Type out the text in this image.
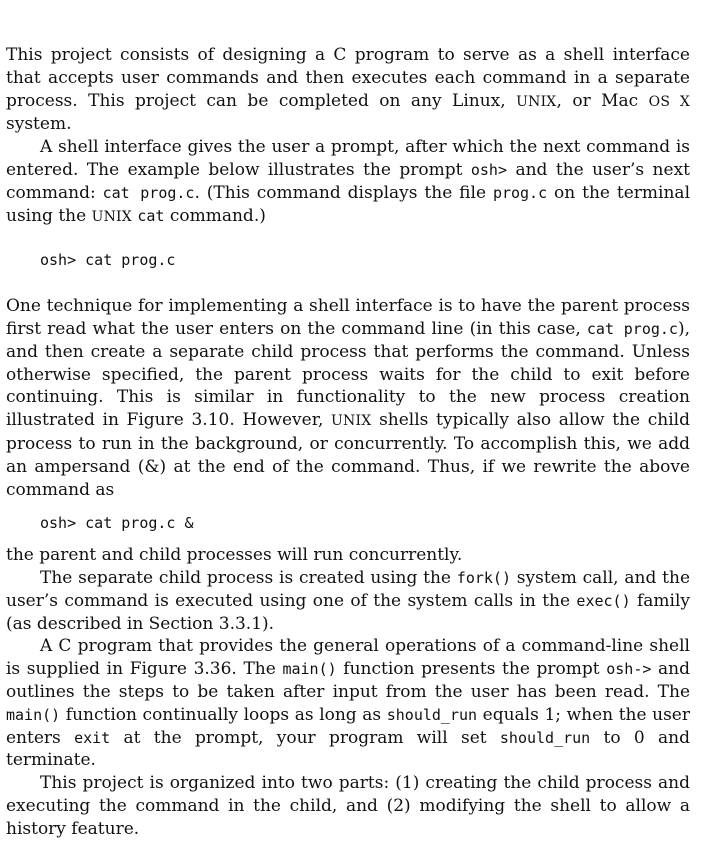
This project consists of designing a C program to serve as a shell interface that accepts user commands and then executes each command in a separate process. This project can be completed on any Linux, UNIX, or Mac OS X system.

A shell interface gives the user a prompt, after which the next command is entered. The example below illustrates the prompt osh> and the user’s next command: cat prog.c. (This command displays the file prog.c on the terminal using the UNIX cat command.)

osh> cat prog.c

One technique for implementing a shell interface is to have the parent process first read what the user enters on the command line (in this case, cat prog.c), and then create a separate child process that performs the command. Unless otherwise specified, the parent process waits for the child to exit before continuing. This is similar in functionality to the new process creation illustrated in Figure 3.10. However, UNIX shells typically also allow the child process to run in the background, or concurrently. To accomplish this, we add an ampersand (&) at the end of the command. Thus, if we rewrite the above command as

osh> cat prog.c &

the parent and child processes will run concurrently.

The separate child process is created using the fork() system call, and the user’s command is executed using one of the system calls in the exec() family (as described in Section 3.3.1).

A C program that provides the general operations of a command-line shell is supplied in Figure 3.36. The main() function presents the prompt osh-> and outlines the steps to be taken after input from the user has been read. The main() function continually loops as long as should_run equals 1; when the user enters exit at the prompt, your program will set should_run to 0 and terminate.

This project is organized into two parts: (1) creating the child process and executing the command in the child, and (2) modifying the shell to allow a history feature.
